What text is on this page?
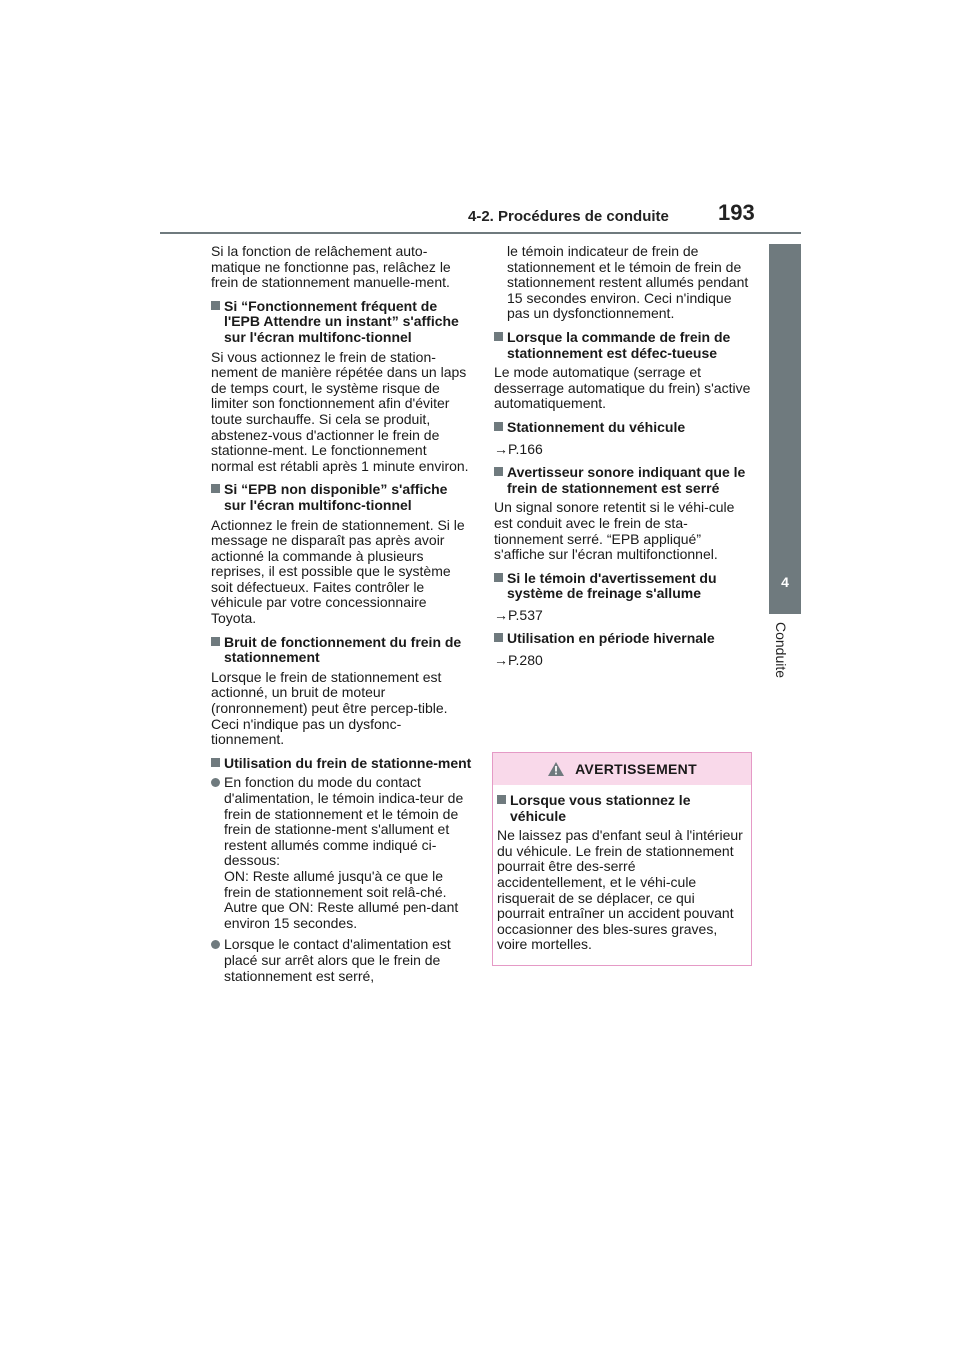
4-2. Procédures de conduite 193
4
Conduite

Si la fonction de relâchement auto-matique ne fonctionne pas, relâchez le frein de stationnement manuelle-ment.

Si “Fonctionnement fréquent de l'EPB Attendre un instant” s'affiche sur l'écran multifonc-tionnel

Si vous actionnez le frein de station-nement de manière répétée dans un laps de temps court, le système risque de limiter son fonctionnement afin d'éviter toute surchauffe. Si cela se produit, abstenez-vous d'actionner le frein de stationne-ment. Le fonctionnement normal est rétabli après 1 minute environ.

Si “EPB non disponible” s'affiche sur l'écran multifonc-tionnel

Actionnez le frein de stationnement. Si le message ne disparaît pas après avoir actionné la commande à plusieurs reprises, il est possible que le système soit défectueux. Faites contrôler le véhicule par votre concessionnaire Toyota.

Bruit de fonctionnement du frein de stationnement

Lorsque le frein de stationnement est actionné, un bruit de moteur (ronronnement) peut être percep-tible. Ceci n'indique pas un dysfonc-tionnement.

Utilisation du frein de stationne-ment
En fonction du mode du contact d'alimentation, le témoin indica-teur de frein de stationnement et le témoin de frein de stationne-ment s'allument et restent allumés comme indiqué ci-dessous:
ON: Reste allumé jusqu'à ce que le frein de stationnement soit relâ-ché.
Autre que ON: Reste allumé pen-dant environ 15 secondes.
Lorsque le contact d'alimentation est placé sur arrêt alors que le frein de stationnement est serré,

le témoin indicateur de frein de stationnement et le témoin de frein de stationnement restent allumés pendant 15 secondes environ. Ceci n'indique pas un dysfonctionnement.

Lorsque la commande de frein de stationnement est défec-tueuse

Le mode automatique (serrage et desserrage automatique du frein) s'active automatiquement.

Stationnement du véhicule
→P.166
Avertisseur sonore indiquant que le frein de stationnement est serré

Un signal sonore retentit si le véhi-cule est conduit avec le frein de sta-tionnement serré. “EPB appliqué” s'affiche sur l'écran multifonctionnel.

Si le témoin d'avertissement du système de freinage s'allume
→P.537
Utilisation en période hivernale
→P.280
AVERTISSEMENT
Lorsque vous stationnez le véhicule

Ne laissez pas d'enfant seul à l'intérieur du véhicule. Le frein de stationnement pourrait être des-serré accidentellement, et le véhi-cule risquerait de se déplacer, ce qui pourrait entraîner un accident pouvant occasionner des bles-sures graves, voire mortelles.
